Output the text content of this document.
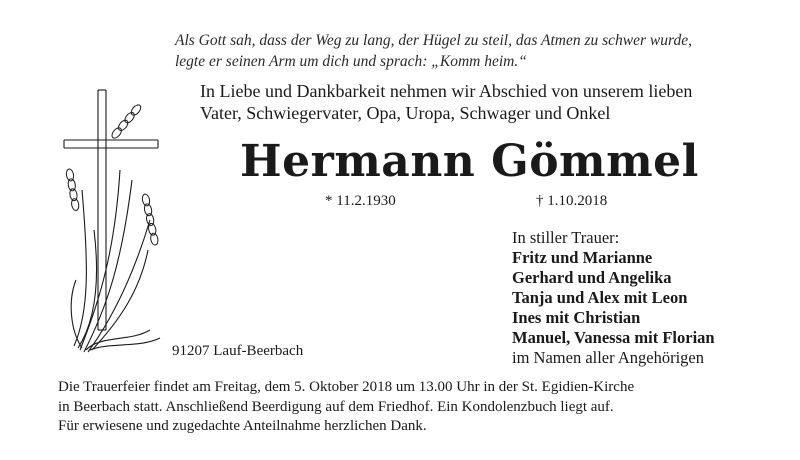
Als Gott sah, dass der Weg zu lang, der Hügel zu steil, das Atmen zu schwer wurde,
legte er seinen Arm um dich und sprach: „Komm heim.“
In Liebe und Dankbarkeit nehmen wir Abschied von unserem lieben
Vater, Schwiegervater, Opa, Uropa, Schwager und Onkel
Hermann Gömmel
* 11.2.1930	† 1.10.2018
In stiller Trauer:
Fritz und Marianne
Gerhard und Angelika
Tanja und Alex mit Leon
Ines mit Christian
Manuel, Vanessa mit Florian
im Namen aller Angehörigen
91207 Lauf-Beerbach
Die Trauerfeier findet am Freitag, dem 5. Oktober 2018 um 13.00 Uhr in der St. Egidien-Kirche
in Beerbach statt. Anschließend Beerdigung auf dem Friedhof. Ein Kondolenzbuch liegt auf.
Für erwiesene und zugedachte Anteilnahme herzlichen Dank.
